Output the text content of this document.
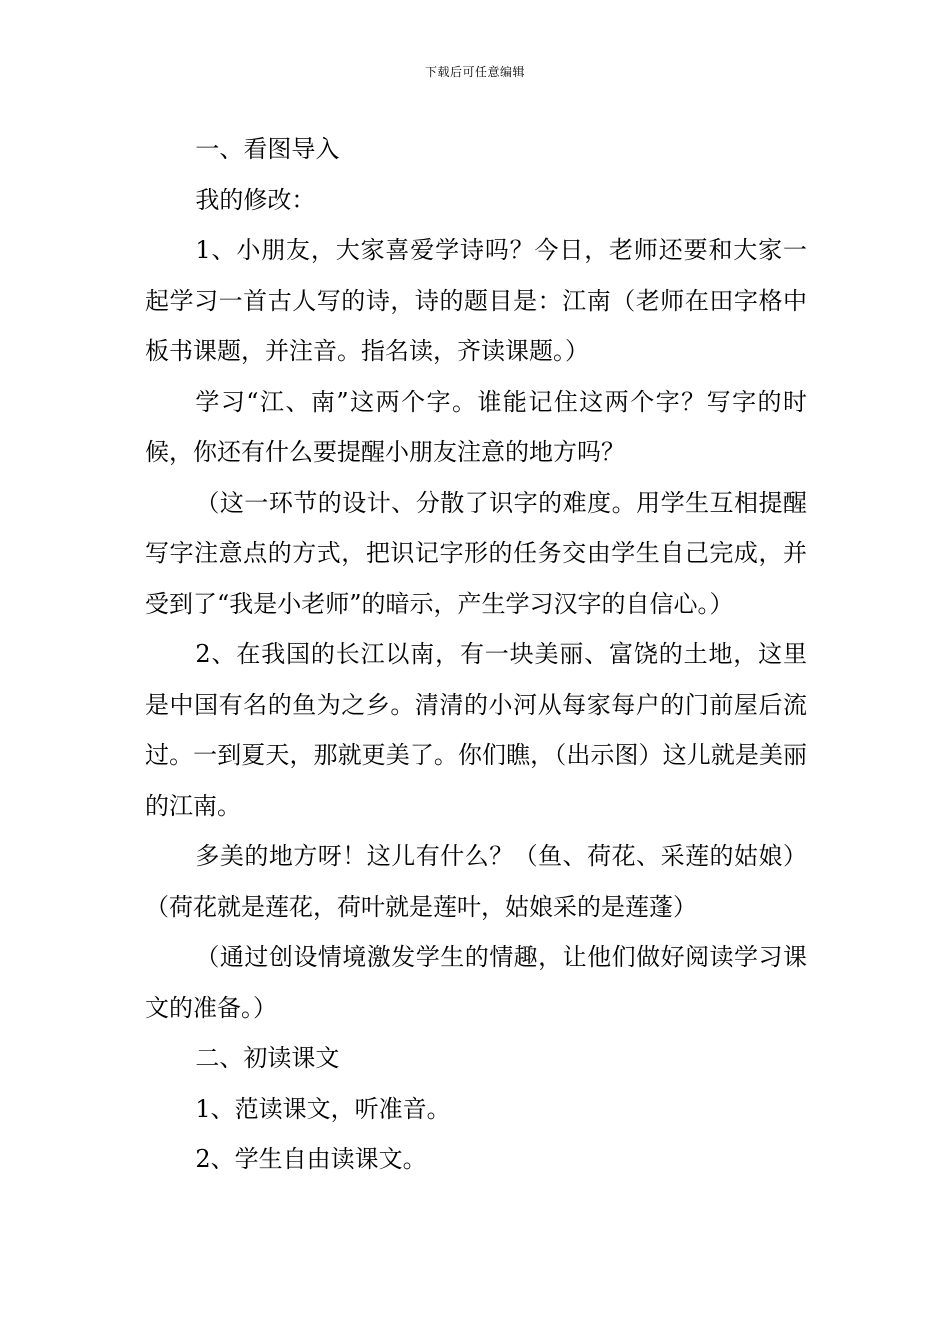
下载后可任意编辑

一、看图导入

我的修改：

1、小朋友，大家喜爱学诗吗？今日，老师还要和大家一起学习一首古人写的诗，诗的题目是：江南（老师在田字格中板书课题，并注音。指名读，齐读课题。）

学习“江、南”这两个字。谁能记住这两个字？写字的时候，你还有什么要提醒小朋友注意的地方吗？

（这一环节的设计、分散了识字的难度。用学生互相提醒写字注意点的方式，把识记字形的任务交由学生自己完成，并受到了“我是小老师”的暗示，产生学习汉字的自信心。）

2、在我国的长江以南，有一块美丽、富饶的土地，这里是中国有名的鱼为之乡。清清的小河从每家每户的门前屋后流过。一到夏天，那就更美了。你们瞧，（出示图）这儿就是美丽的江南。

多美的地方呀！这儿有什么？（鱼、荷花、采莲的姑娘）（荷花就是莲花，荷叶就是莲叶，姑娘采的是莲蓬）

（通过创设情境激发学生的情趣，让他们做好阅读学习课文的准备。）

二、初读课文

1、范读课文，听准音。

2、学生自由读课文。
